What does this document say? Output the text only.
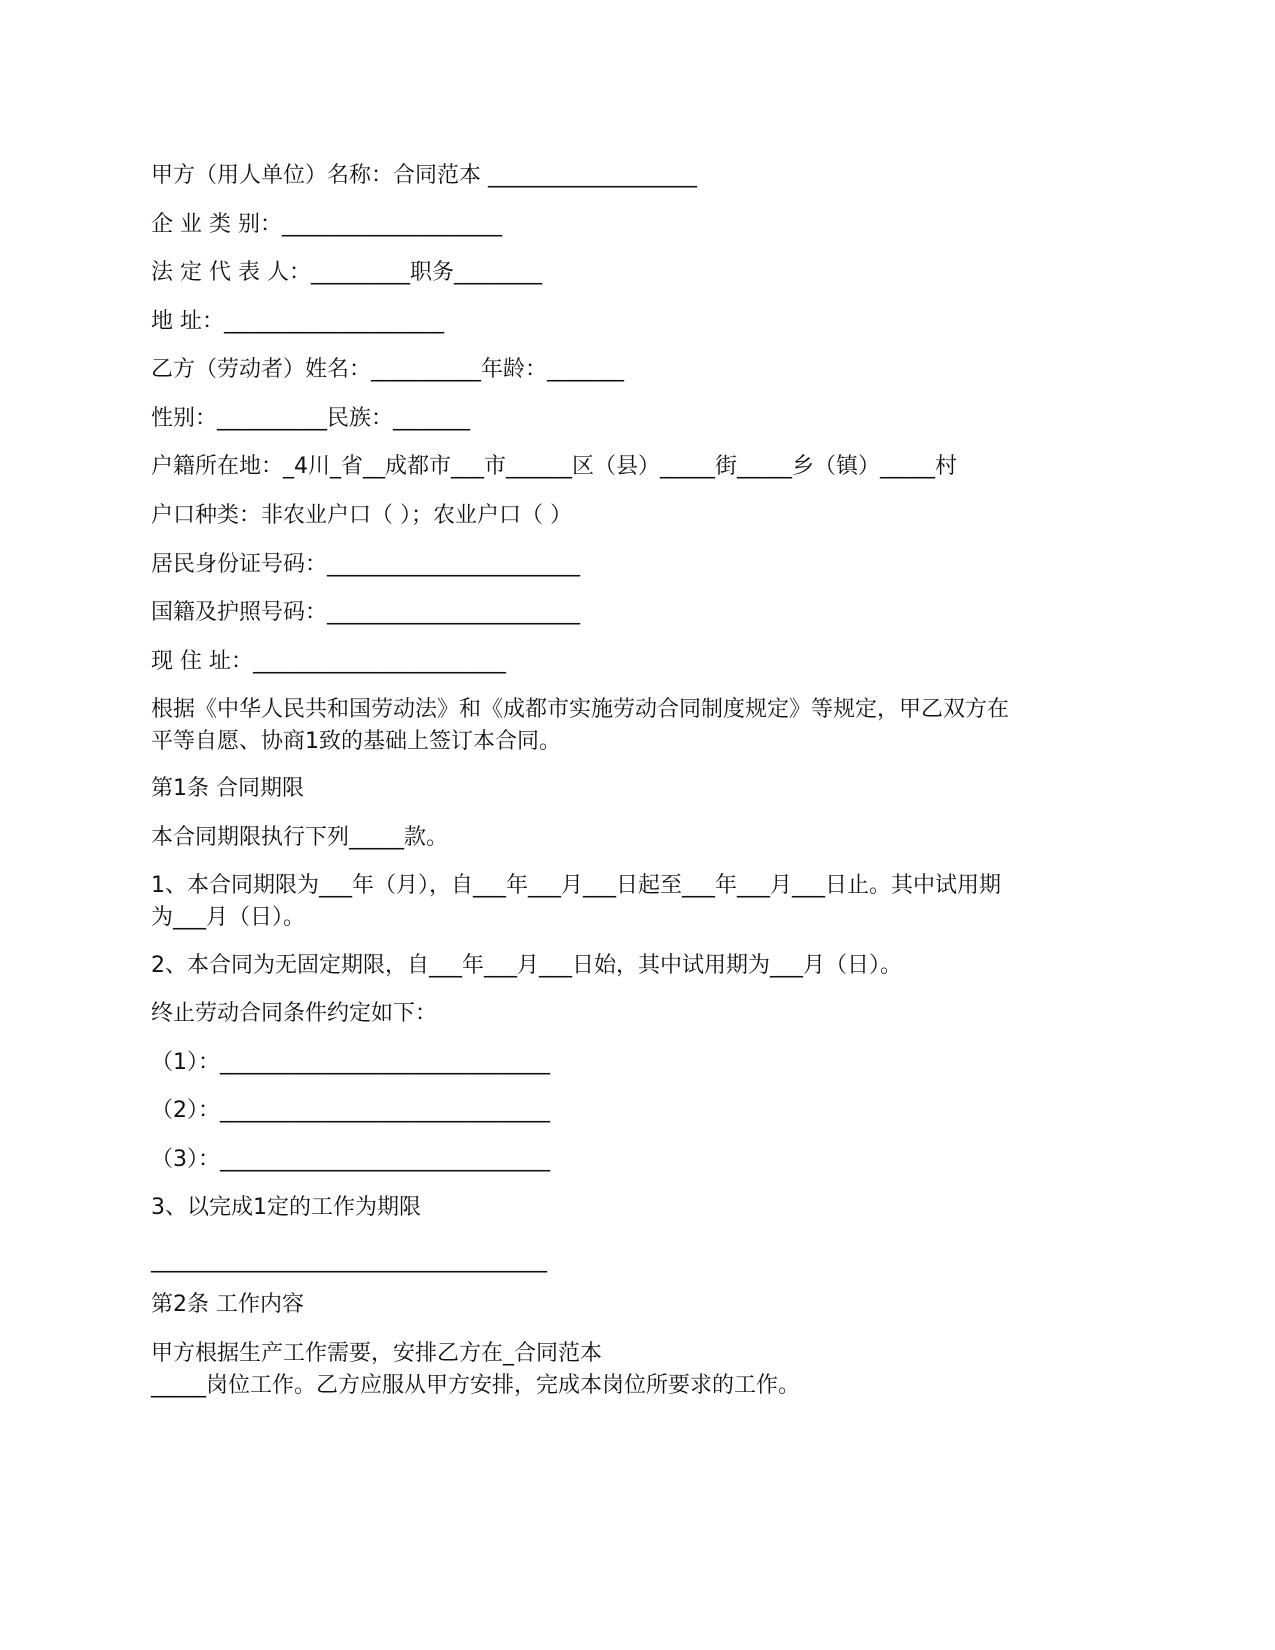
甲方（用人单位）名称：合同范本 ___________________
企 业 类 别：____________________
法 定 代 表 人：_________职务________
地 址：____________________
乙方（劳动者）姓名：__________年龄：_______
性别：__________民族：_______
户籍所在地：_4川_省__成都市___市______区（县）_____街_____乡（镇）_____村
户口种类：非农业户口（ ）；农业户口（ ）
居民身份证号码：_______________________
国籍及护照号码：_______________________
现 住 址：_______________________
根据《中华人民共和国劳动法》和《成都市实施劳动合同制度规定》等规定，甲乙双方在
平等自愿、协商1致的基础上签订本合同。
第1条 合同期限
本合同期限执行下列_____款。
1、本合同期限为___年（月），自___年___月___日起至___年___月___日止。其中试用期
为___月（日）。
2、本合同为无固定期限，自___年___月___日始，其中试用期为___月（日）。
终止劳动合同条件约定如下：
（1）：______________________________
（2）：______________________________
（3）：______________________________
3、以完成1定的工作为期限
____________________________________
第2条 工作内容
甲方根据生产工作需要，安排乙方在_合同范本
_____岗位工作。乙方应服从甲方安排，完成本岗位所要求的工作。
